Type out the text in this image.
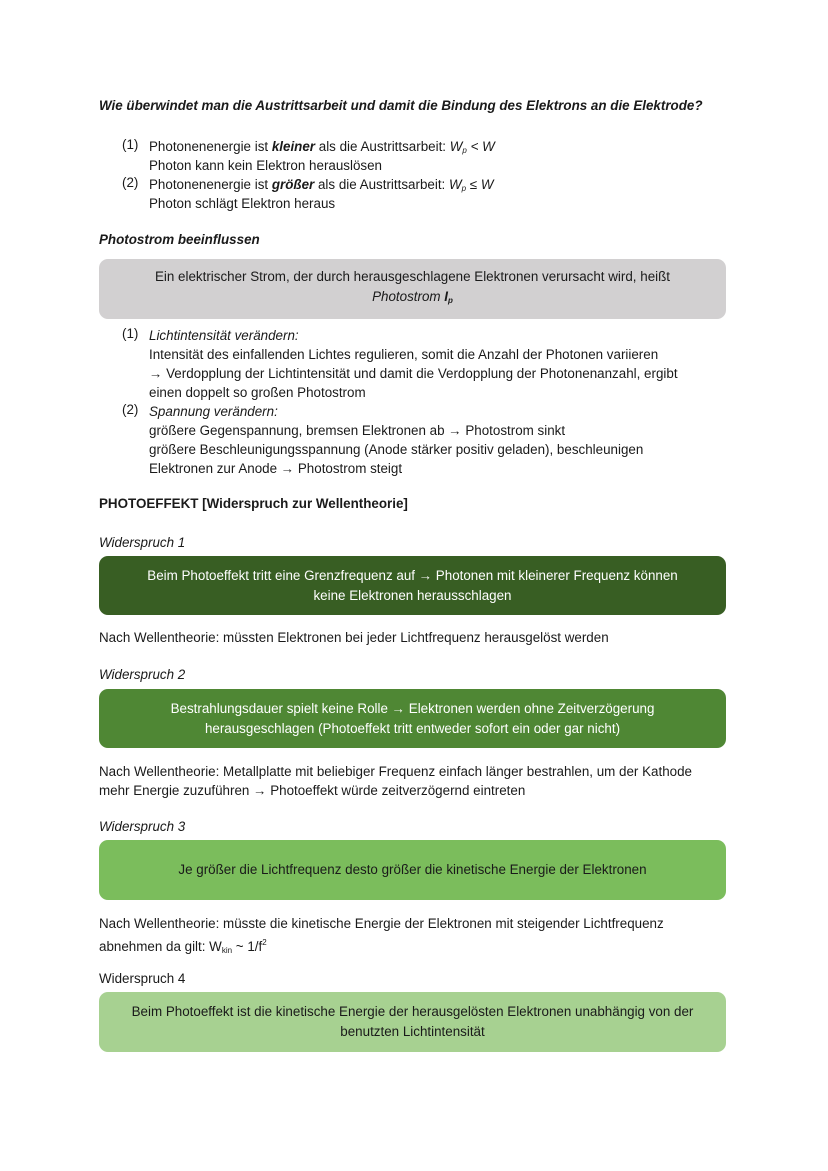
Wie überwindet man die Austrittsarbeit und damit die Bindung des Elektrons an die Elektrode?
(1) Photonenenergie ist kleiner als die Austrittsarbeit: $W_p < W$
Photon kann kein Elektron herauslösen
(2) Photonenenergie ist größer als die Austrittsarbeit: $W_p \le W$
Photon schlägt Elektron heraus
Photostrom beeinflussen
Ein elektrischer Strom, der durch herausgeschlagene Elektronen verursacht wird, heißt
Photostrom $I_p$
(1) Lichtintensität verändern:
Intensität des einfallenden Lichtes regulieren, somit die Anzahl der Photonen variieren
→ Verdopplung der Lichtintensität und damit die Verdopplung der Photonenanzahl, ergibt
einen doppelt so großen Photostrom
(2) Spannung verändern:
größere Gegenspannung, bremsen Elektronen ab → Photostrom sinkt
größere Beschleunigungsspannung (Anode stärker positiv geladen), beschleunigen
Elektronen zur Anode → Photostrom steigt
PHOTOEFFEKT [Widerspruch zur Wellentheorie]
Widerspruch 1
Beim Photoeffekt tritt eine Grenzfrequenz auf → Photonen mit kleinerer Frequenz können
keine Elektronen herausschlagen
Nach Wellentheorie: müssten Elektronen bei jeder Lichtfrequenz herausgelöst werden
Widerspruch 2
Bestrahlungsdauer spielt keine Rolle → Elektronen werden ohne Zeitverzögerung
herausgeschlagen (Photoeffekt tritt entweder sofort ein oder gar nicht)
Nach Wellentheorie: Metallplatte mit beliebiger Frequenz einfach länger bestrahlen, um der Kathode
mehr Energie zuzuführen → Photoeffekt würde zeitverzögernd eintreten
Widerspruch 3
Je größer die Lichtfrequenz desto größer die kinetische Energie der Elektronen
Nach Wellentheorie: müsste die kinetische Energie der Elektronen mit steigender Lichtfrequenz
abnehmen da gilt: Wkin ~ $1/f^2$
Widerspruch 4
Beim Photoeffekt ist die kinetische Energie der herausgelösten Elektronen unabhängig von der
benutzten Lichtintensität
